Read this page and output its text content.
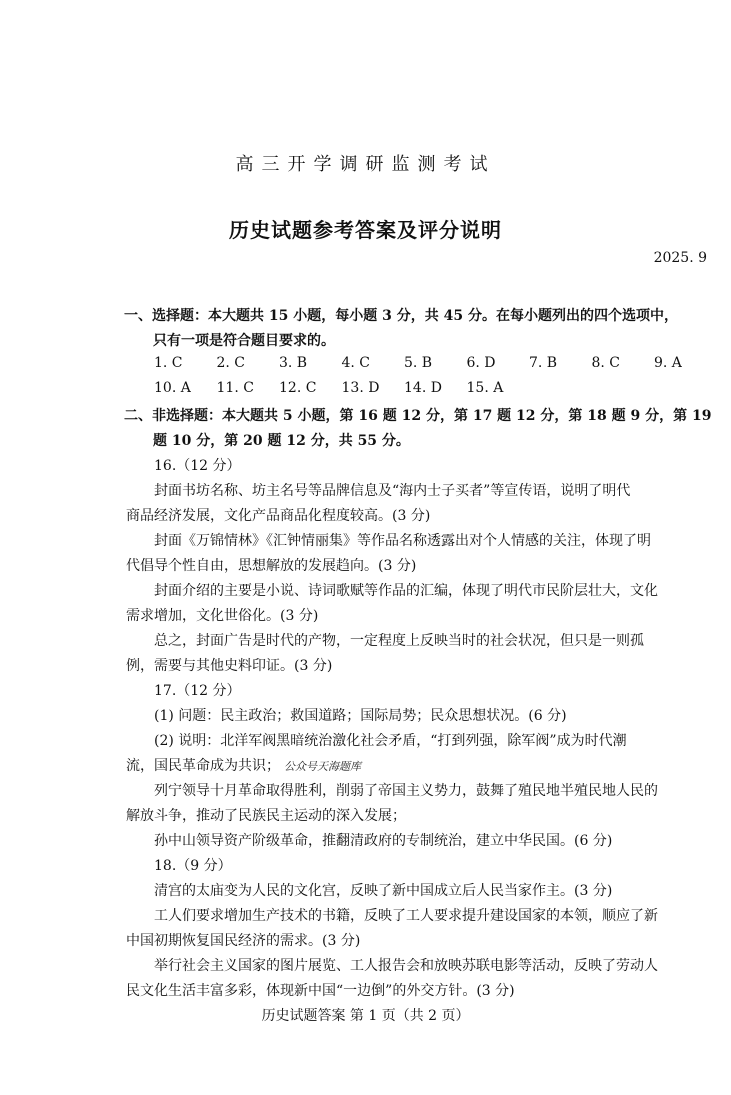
高三开学调研监测考试
历史试题参考答案及评分说明
2025. 9
一、选择题：本大题共 15 小题，每小题 3 分，共 45 分。在每小题列出的四个选项中，
只有一项是符合题目要求的。
1. C 2. C 3. B 4. C 5. B 6. D 7. B 8. C 9. A
10. A 11. C 12. C 13. D 14. D 15. A
二、非选择题：本大题共 5 小题，第 16 题 12 分，第 17 题 12 分，第 18 题 9 分，第 19
题 10 分，第 20 题 12 分，共 55 分。
16.（12 分）
封面书坊名称、坊主名号等品牌信息及“海内士子买者”等宣传语，说明了明代
商品经济发展，文化产品商品化程度较高。(3 分)
封面《万锦情林》《汇钟情丽集》等作品名称透露出对个人情感的关注，体现了明
代倡导个性自由，思想解放的发展趋向。(3 分)
封面介绍的主要是小说、诗词歌赋等作品的汇编，体现了明代市民阶层壮大，文化
需求增加，文化世俗化。(3 分)
总之，封面广告是时代的产物，一定程度上反映当时的社会状况，但只是一则孤
例，需要与其他史料印证。(3 分)
17.（12 分）
(1) 问题：民主政治；救国道路；国际局势；民众思想状况。(6 分)
(2) 说明：北洋军阀黑暗统治激化社会矛盾，“打到列强，除军阀”成为时代潮
流，国民革命成为共识； 公众号天海题库
列宁领导十月革命取得胜利，削弱了帝国主义势力，鼓舞了殖民地半殖民地人民的
解放斗争，推动了民族民主运动的深入发展；
孙中山领导资产阶级革命，推翻清政府的专制统治，建立中华民国。(6 分)
18.（9 分）
清宫的太庙变为人民的文化宫，反映了新中国成立后人民当家作主。(3 分)
工人们要求增加生产技术的书籍，反映了工人要求提升建设国家的本领，顺应了新
中国初期恢复国民经济的需求。(3 分)
举行社会主义国家的图片展览、工人报告会和放映苏联电影等活动，反映了劳动人
民文化生活丰富多彩，体现新中国“一边倒”的外交方针。(3 分)
历史试题答案 第 1 页（共 2 页）
